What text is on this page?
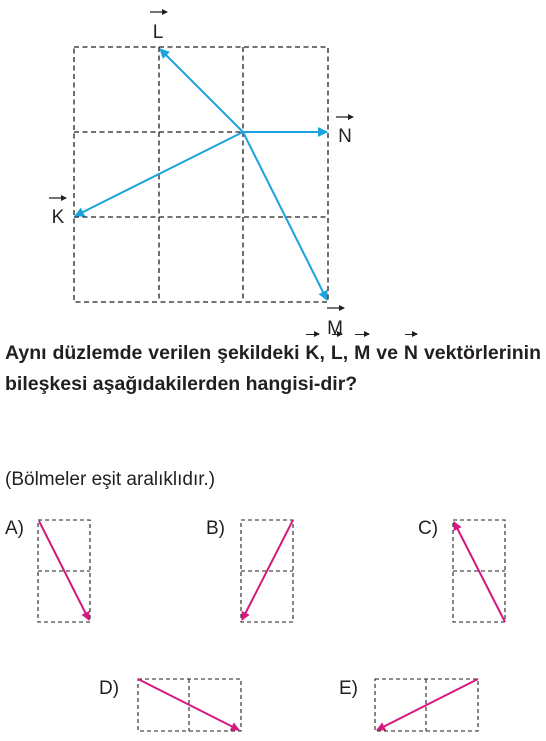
L
N
K
M

Aynı düzlemde verilen şekildeki K, L, M ve N vektörlerinin bileşkesi aşağıdakilerden hangisi-dir?

(Bölmeler eşit aralıklıdır.)

A)	B)	C)
D)	E)
